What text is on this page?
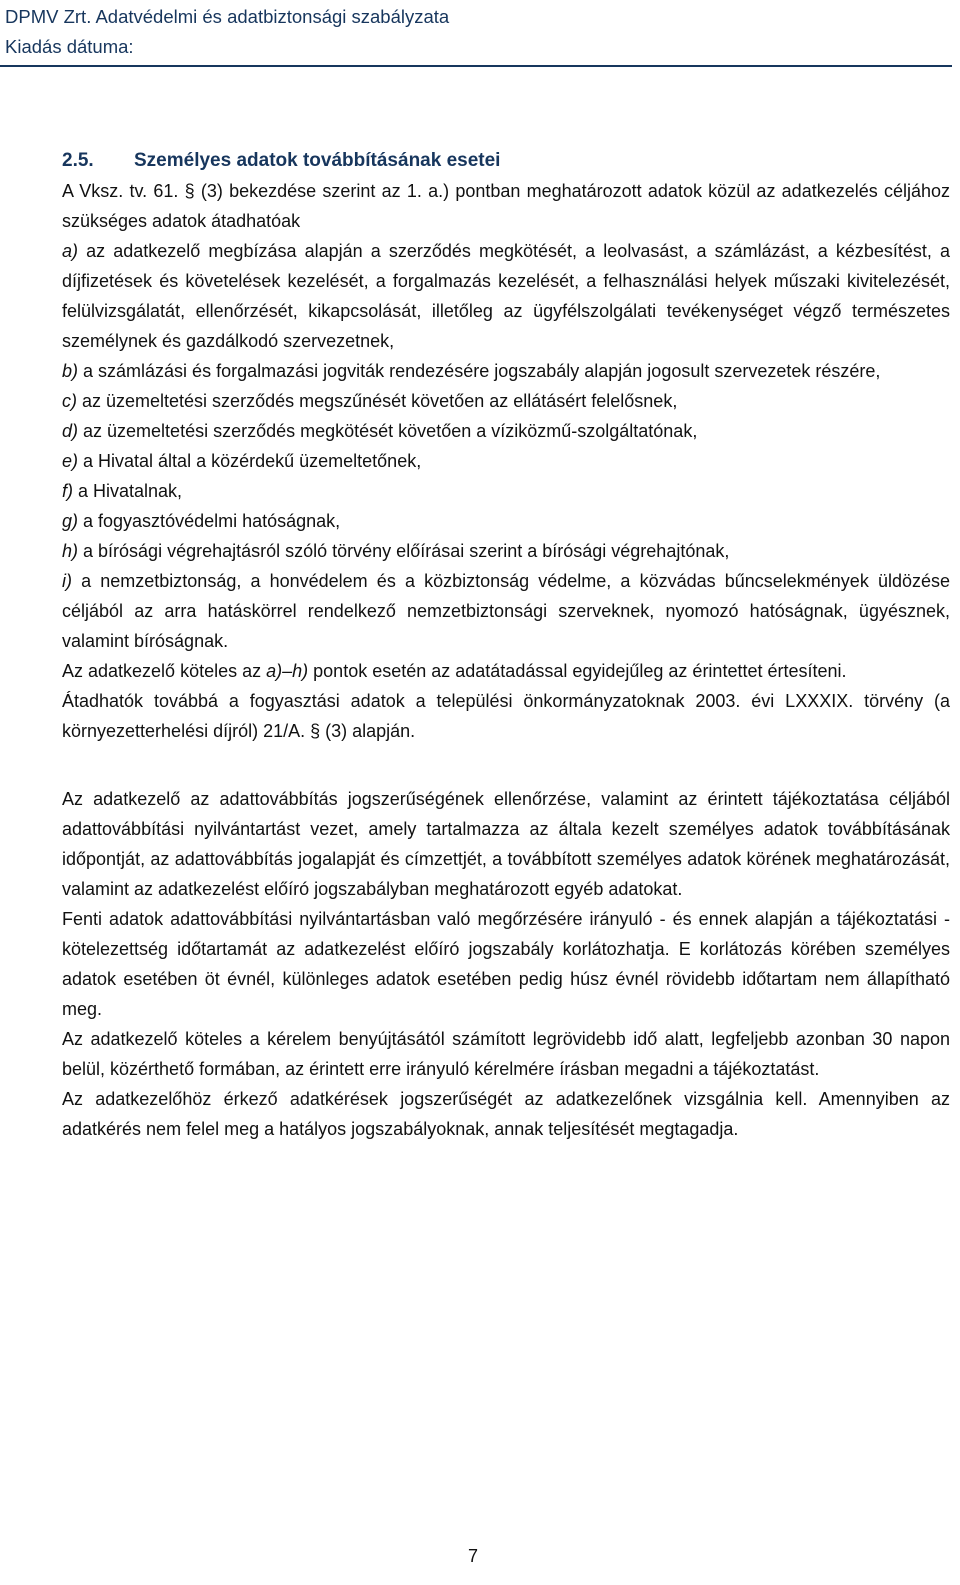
DPMV Zrt. Adatvédelmi és adatbiztonsági szabályzata
Kiadás dátuma:
2.5. Személyes adatok továbbításának esetei

A Vksz. tv. 61. § (3) bekezdése szerint az 1. a.) pontban meghatározott adatok közül az adatkezelés céljához szükséges adatok átadhatóak

a) az adatkezelő megbízása alapján a szerződés megkötését, a leolvasást, a számlázást, a kézbesítést, a díjfizetések és követelések kezelését, a forgalmazás kezelését, a felhasználási helyek műszaki kivitelezését, felülvizsgálatát, ellenőrzését, kikapcsolását, illetőleg az ügyfélszolgálati tevékenységet végző természetes személynek és gazdálkodó szervezetnek,

b) a számlázási és forgalmazási jogviták rendezésére jogszabály alapján jogosult szervezetek részére,

c) az üzemeltetési szerződés megszűnését követően az ellátásért felelősnek,

d) az üzemeltetési szerződés megkötését követően a víziközmű-szolgáltatónak,

e) a Hivatal által a közérdekű üzemeltetőnek,

f) a Hivatalnak,

g) a fogyasztóvédelmi hatóságnak,

h) a bírósági végrehajtásról szóló törvény előírásai szerint a bírósági végrehajtónak,

i) a nemzetbiztonság, a honvédelem és a közbiztonság védelme, a közvádas bűncselekmények üldözése céljából az arra hatáskörrel rendelkező nemzetbiztonsági szerveknek, nyomozó hatóságnak, ügyésznek, valamint bíróságnak.

Az adatkezelő köteles az a)–h) pontok esetén az adatátadással egyidejűleg az érintettet értesíteni.

Átadhatók továbbá a fogyasztási adatok a települési önkormányzatoknak 2003. évi LXXXIX. törvény (a környezetterhelési díjról) 21/A. § (3) alapján.

Az adatkezelő az adattovábbítás jogszerűségének ellenőrzése, valamint az érintett tájékoztatása céljából adattovábbítási nyilvántartást vezet, amely tartalmazza az általa kezelt személyes adatok továbbításának időpontját, az adattovábbítás jogalapját és címzettjét, a továbbított személyes adatok körének meghatározását, valamint az adatkezelést előíró jogszabályban meghatározott egyéb adatokat.

Fenti adatok adattovábbítási nyilvántartásban való megőrzésére irányuló - és ennek alapján a tájékoztatási - kötelezettség időtartamát az adatkezelést előíró jogszabály korlátozhatja. E korlátozás körében személyes adatok esetében öt évnél, különleges adatok esetében pedig húsz évnél rövidebb időtartam nem állapítható meg.

Az adatkezelő köteles a kérelem benyújtásától számított legrövidebb idő alatt, legfeljebb azonban 30 napon belül, közérthető formában, az érintett erre irányuló kérelmére írásban megadni a tájékoztatást.

Az adatkezelőhöz érkező adatkérések jogszerűségét az adatkezelőnek vizsgálnia kell. Amennyiben az adatkérés nem felel meg a hatályos jogszabályoknak, annak teljesítését megtagadja.

7
